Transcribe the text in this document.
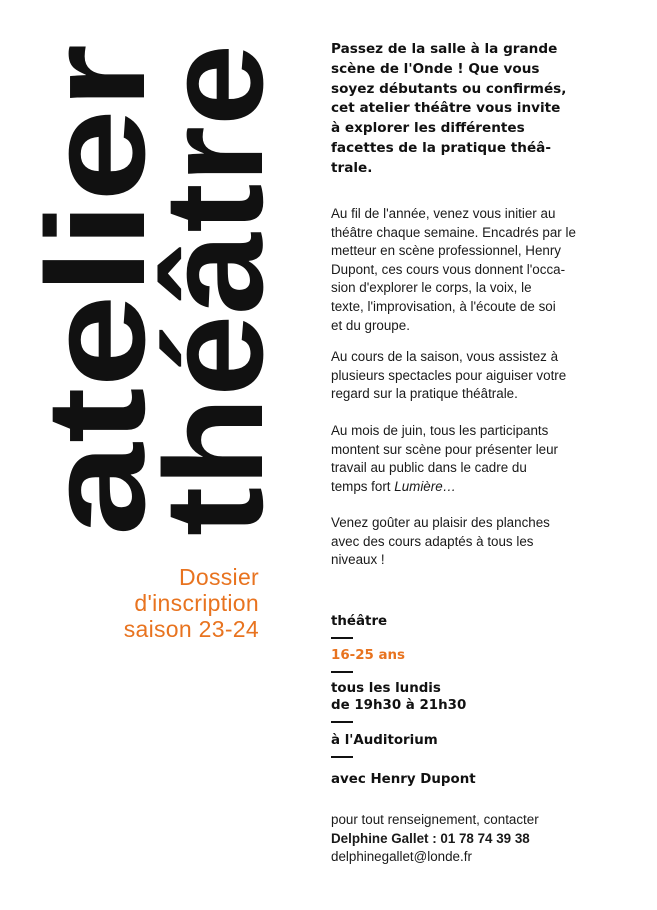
atelier
théâtre
Dossier
d'inscription
saison 23-24
Passez de la salle à la grande
scène de l'Onde ! Que vous
soyez débutants ou confirmés,
cet atelier théâtre vous invite
à explorer les différentes
facettes de la pratique théâ-
trale.
Au fil de l'année, venez vous initier au
théâtre chaque semaine. Encadrés par le
metteur en scène professionnel, Henry
Dupont, ces cours vous donnent l'occa-
sion d'explorer le corps, la voix, le
texte, l'improvisation, à l'écoute de soi
et du groupe.
Au cours de la saison, vous assistez à
plusieurs spectacles pour aiguiser votre
regard sur la pratique théâtrale.
Au mois de juin, tous les participants
montent sur scène pour présenter leur
travail au public dans le cadre du
temps fort Lumière…
Venez goûter au plaisir des planches
avec des cours adaptés à tous les
niveaux !
théâtre
16-25 ans
tous les lundis
de 19h30 à 21h30
à l'Auditorium
avec Henry Dupont
pour tout renseignement, contacter
Delphine Gallet : 01 78 74 39 38
delphinegallet@londe.fr
